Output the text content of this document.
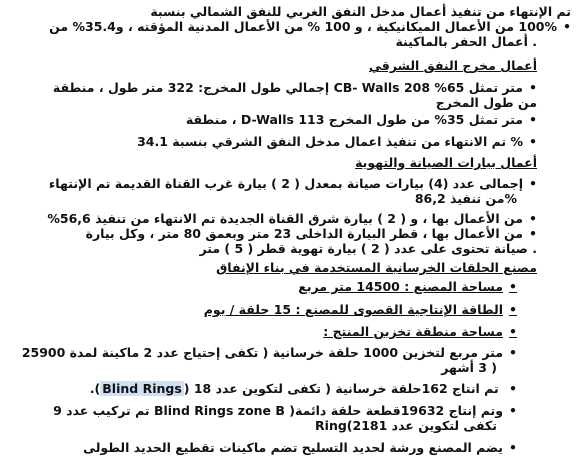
تم الإنتهاء من تنفيذ أعمال مدخل النفق الغربي للنفق الشمالي بنسبة
• 100% من الأعمال الميكانيكية ، و 100 % من الأعمال المدنية المؤقته ، و35.4% من
. أعمال الحفر بالماكينة
أعمال مخرج النفق الشرقي
• متر تمثل 65% 208 CB- Walls إجمالي طول المخرج: 322 متر طول ، منطقة
من طول المخرج
• متر تمثل 35% من طول المخرج 113 D-Walls ، منطقة
• % تم الانتهاء من تنفيذ اعمال مدخل النفق الشرقي بنسبة 34.1
أعمال بيارات الصيانة والتهوية
• إجمالى عدد (4) بيارات صيانة بمعدل ( 2 ) بيارة غرب القناة القديمة تم الإنتهاء
%من تنفيذ 86,2
• من الأعمال بها ، و ( 2 ) بيارة شرق القناة الجديدة تم الانتهاء من تنفيذ 56,6%
• من الأعمال بها ، قطر البيارة الداخلى 23 متر وبعمق 80 متر ، وكل بيارة
. صيانة تحتوى على عدد ( 2 ) بيارة تهوية قطر ( 5 ) متر
مصنع الحلقات الخرسانية المستخدمة في بناء الإنفاق
• مساحة المصنع : 14500 متر مربع
• الطاقة الإنتاجية القصوى للمصنع : 15 حلقة / يوم
• مساحة منطقة تخزين المنتج :
• متر مربع لتخزين 1000 حلقة خرسانية ( تكفى إحتياج عدد 2 ماكينة لمدة 25900
( 3 أشهر
• تم انتاج 162حلقة خرسانية ( تكفى لتكوين عدد 18 (Blind Rings).
• وتم إنتاج 19632قطعة حلقة دائمة( Blind Rings zone B تم تركيب عدد 9
Ring(تكفى لتكوين عدد 2181
• يضم المصنع ورشة لحديد التسليح تضم ماكينات تقطيع الحديد الطولى
